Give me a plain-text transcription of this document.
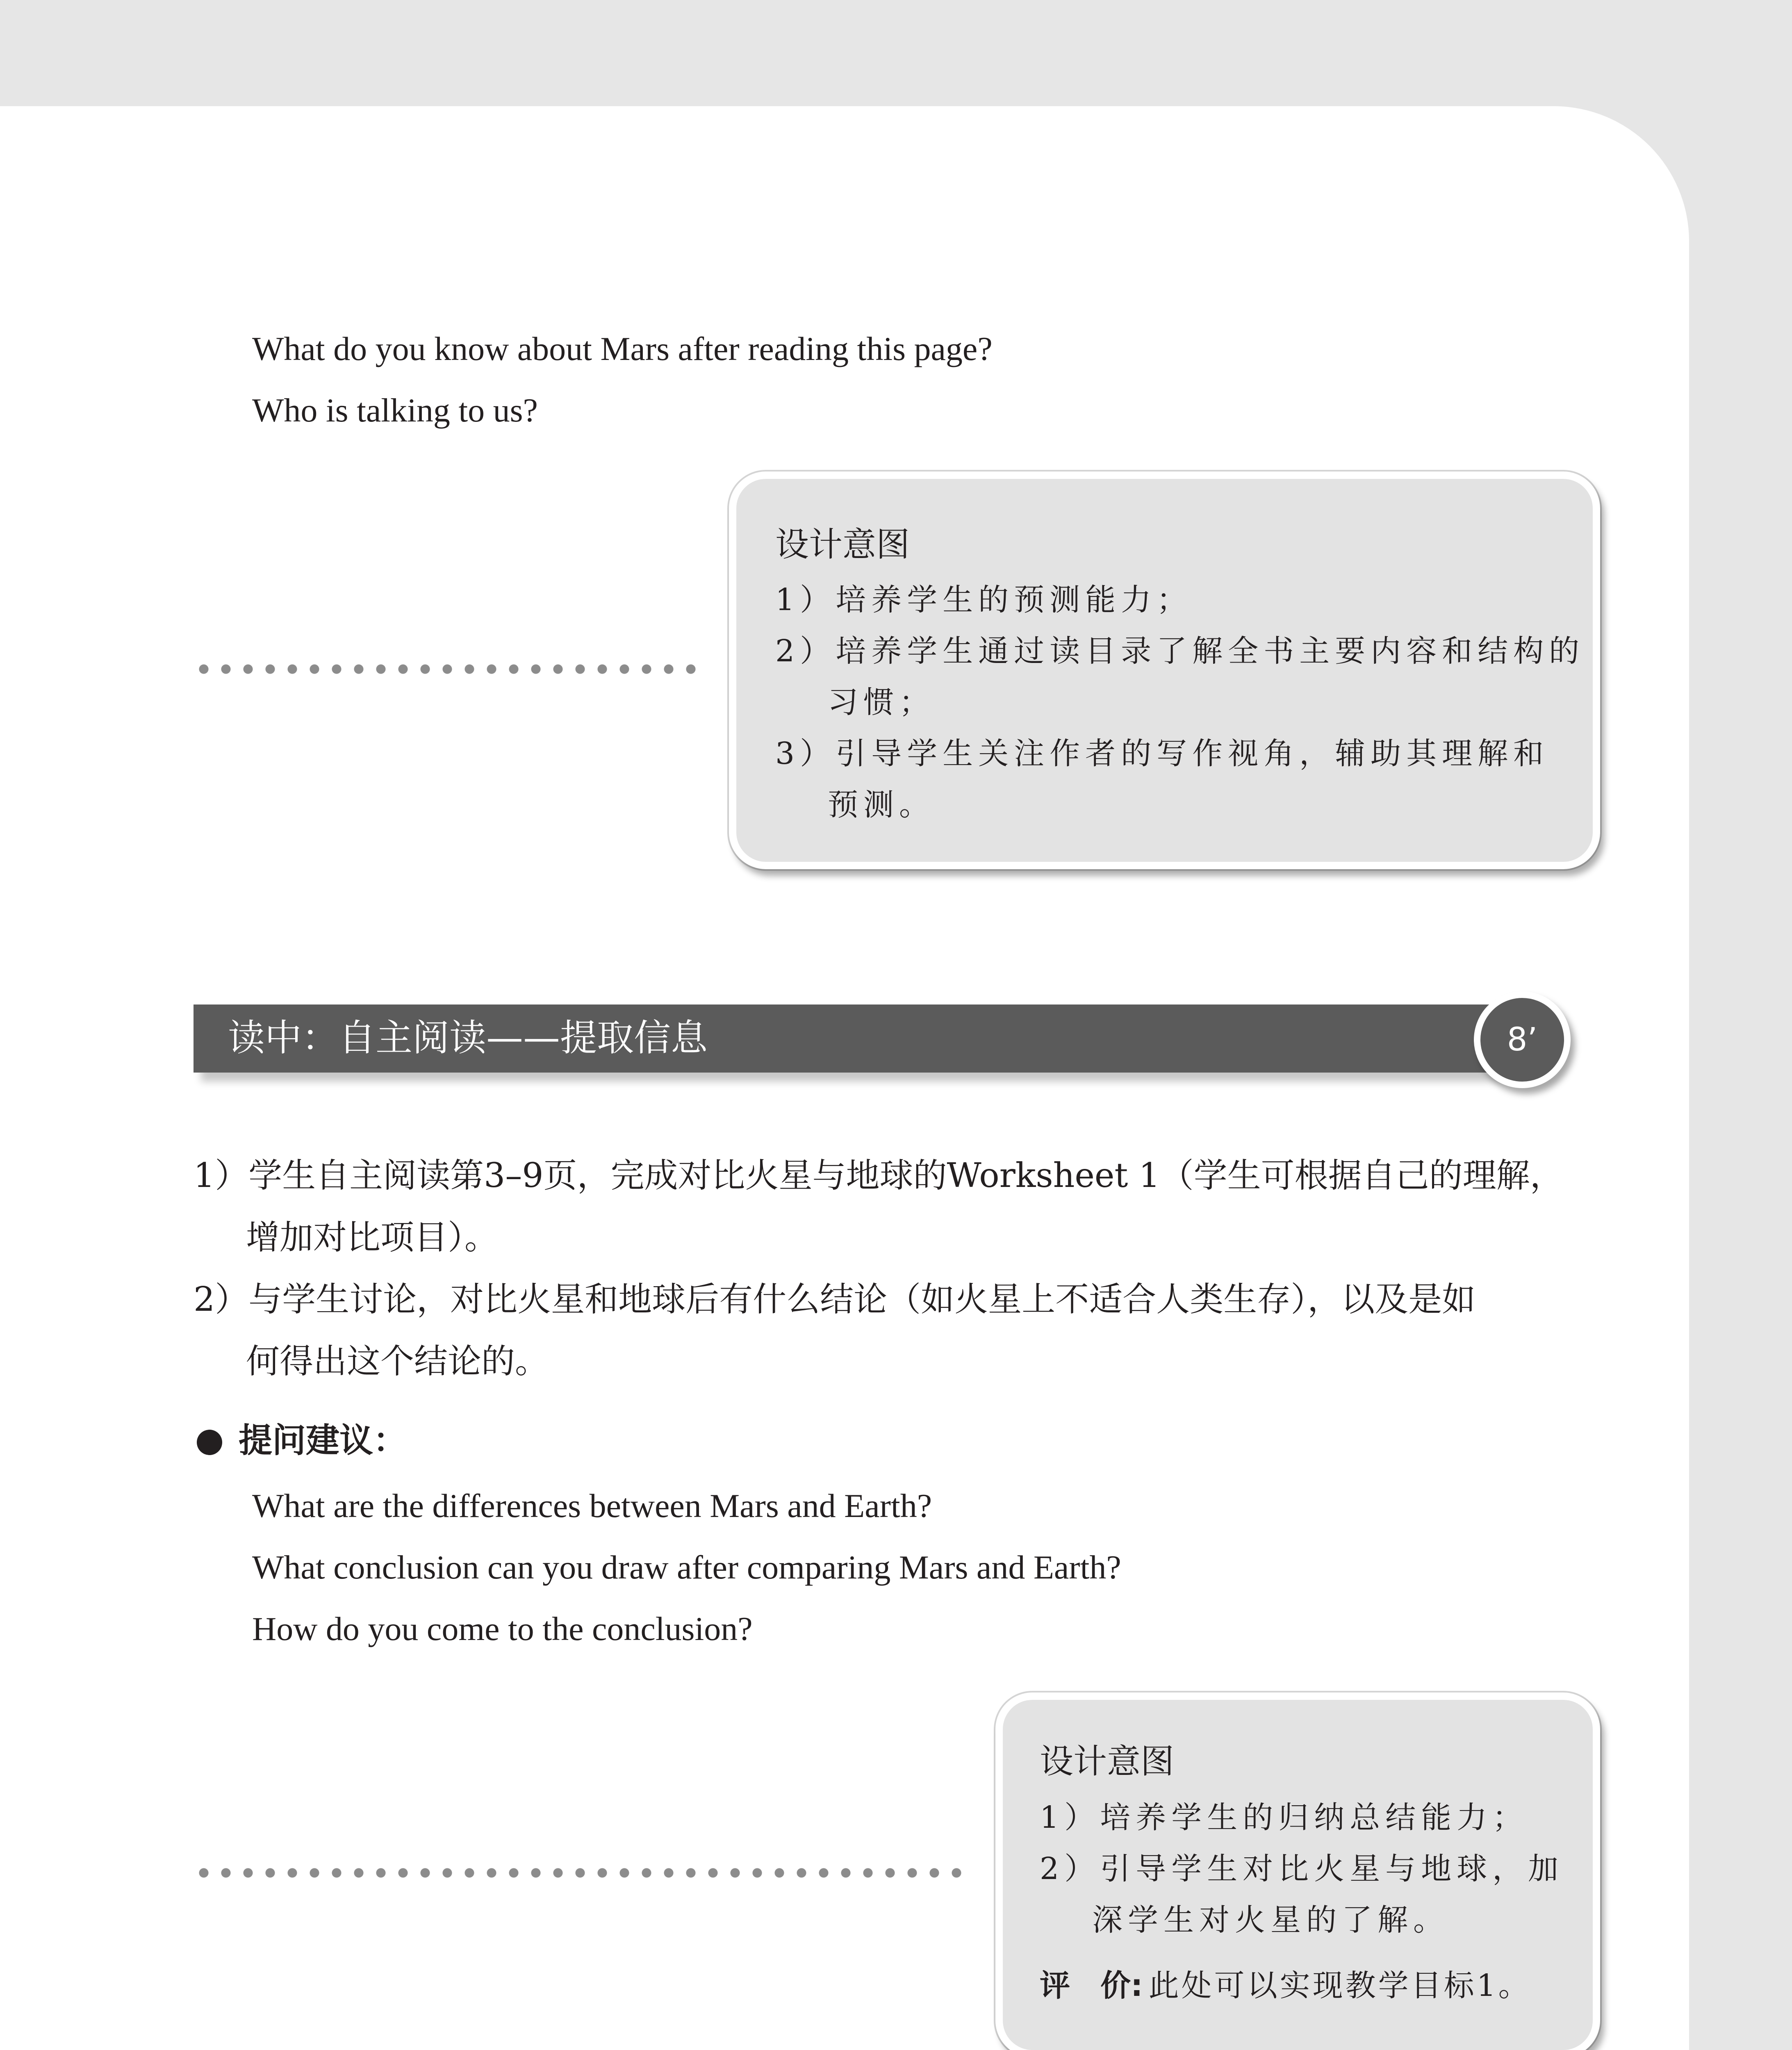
What do you know about Mars after reading this page?
Who is talking to us?
设计意图
1）培养学生的预测能力；
2）培养学生通过读目录了解全书主要内容和结构的
习惯；
3）引导学生关注作者的写作视角，辅助其理解和
预测。
读中：自主阅读——提取信息	8’
1）学生自主阅读第3–9页，完成对比火星与地球的Worksheet 1（学生可根据自己的理解，
增加对比项目）。
2）与学生讨论，对比火星和地球后有什么结论（如火星上不适合人类生存），以及是如
何得出这个结论的。
提问建议：
What are the differences between Mars and Earth?
What conclusion can you draw after comparing Mars and Earth?
How do you come to the conclusion?
设计意图
1）培养学生的归纳总结能力；
2）引导学生对比火星与地球，加
深学生对火星的了解。
评　价: 此处可以实现教学目标1。
